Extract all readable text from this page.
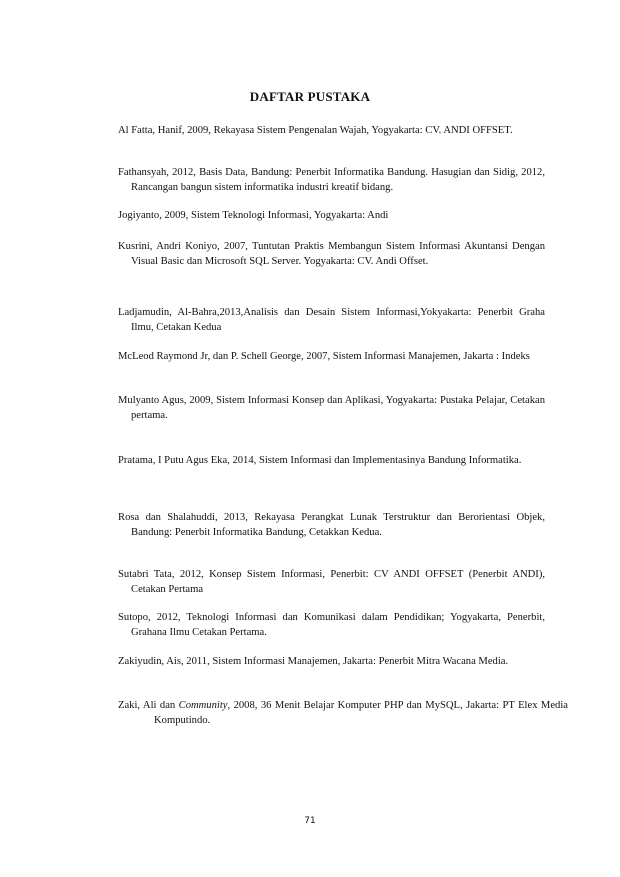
DAFTAR PUSTAKA
Al Fatta, Hanif, 2009, Rekayasa Sistem Pengenalan Wajah, Yogyakarta: CV. ANDI OFFSET.
Fathansyah, 2012, Basis Data, Bandung: Penerbit Informatika Bandung. Hasugian dan Sidig, 2012, Rancangan bangun sistem informatika industri kreatif bidang.
Jogiyanto, 2009, Sistem Teknologi Informasi, Yogyakarta: Andi
Kusrini, Andri Koniyo, 2007, Tuntutan Praktis Membangun Sistem Informasi Akuntansi Dengan Visual Basic dan Microsoft SQL Server. Yogyakarta: CV. Andi Offset.
Ladjamudin, Al-Bahra,2013,Analisis dan Desain Sistem Informasi,Yokyakarta: Penerbit Graha Ilmu, Cetakan Kedua
McLeod Raymond Jr, dan P. Schell George, 2007, Sistem Informasi Manajemen, Jakarta : Indeks
Mulyanto Agus, 2009, Sistem Informasi Konsep dan Aplikasi, Yogyakarta: Pustaka Pelajar, Cetakan pertama.
Pratama, I Putu Agus Eka, 2014, Sistem Informasi dan Implementasinya Bandung Informatika.
Rosa dan Shalahuddi, 2013, Rekayasa Perangkat Lunak Terstruktur dan Berorientasi Objek, Bandung: Penerbit Informatika Bandung, Cetakkan Kedua.
Sutabri Tata, 2012, Konsep Sistem Informasi, Penerbit: CV ANDI OFFSET (Penerbit ANDI), Cetakan Pertama
Sutopo, 2012, Teknologi Informasi dan Komunikasi dalam Pendidikan; Yogyakarta, Penerbit, Grahana Ilmu Cetakan Pertama.
Zakiyudin, Ais, 2011, Sistem Informasi Manajemen, Jakarta: Penerbit Mitra Wacana Media.
Zaki, Ali dan Community, 2008, 36 Menit Belajar Komputer PHP dan MySQL, Jakarta: PT Elex Media Komputindo.
71
